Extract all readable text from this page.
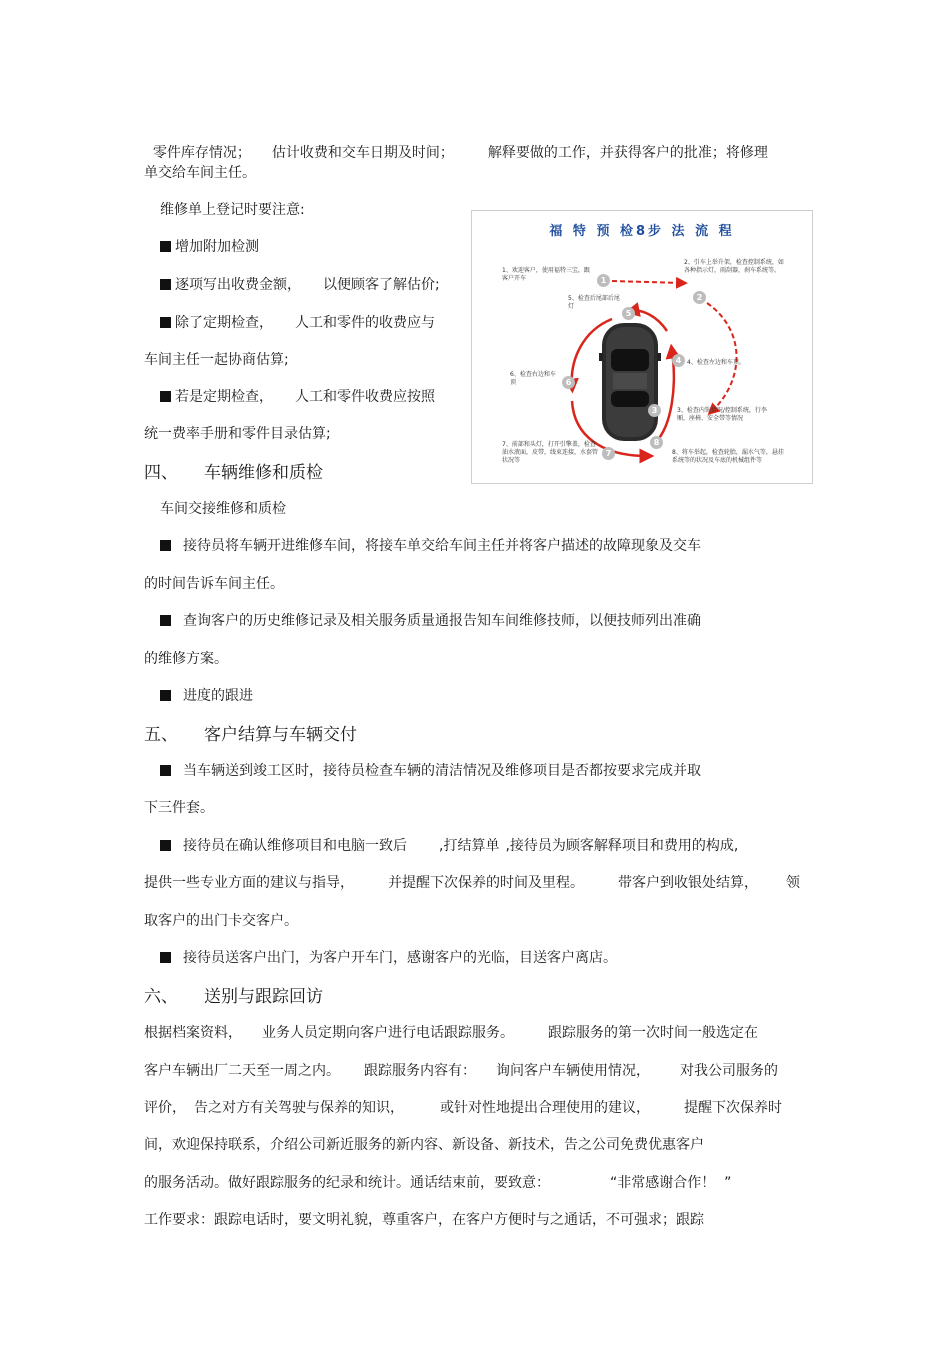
零件库存情况； 估计收费和交车日期及时间； 解释要做的工作，并获得客户的批准；将修理

单交给车间主任。
维修单上登记时要注意:
增加附加检测
逐项写出收费金额， 以便顾客了解估价;
除了定期检查， 人工和零件的收费应与
车间主任一起协商估算;
若是定期检查， 人工和零件收费应按照
统一费率手册和零件目录估算;
福 特 预 检8步 法 流 程
1
2
3
4
5
6
7
8
1、欢迎客户，使用福特三宝，跟客户开车
2、引车上举升架，检查控制系统，如各种指示灯，雨刮器，刹车系统等。
3、检查内饰情况/控制系统，行李厢，座椅、安全带等情况
4、检查左边和车顶。
5、检查后尾部后尾灯
6、检查右边和车顶
7、前部和头灯，打开引擎盖，检查油水液面，皮带，线束连接，水套管状况等
8、将车举起，检查轮胎，漏水气等，悬挂系统等的状况及车底的机械组件等
四、 车辆维修和质检
车间交接维修和质检
接待员将车辆开进维修车间，将接车单交给车间主任并将客户描述的故障现象及交车
的时间告诉车间主任。
查询客户的历史维修记录及相关服务质量通报告知车间维修技师，以便技师列出准确
的维修方案。
进度的跟进
五、 客户结算与车辆交付
当车辆送到竣工区时，接待员检查车辆的清洁情况及维修项目是否都按要求完成并取
下三件套。
接待员在确认维修项目和电脑一致后 ,打结算单 ,接待员为顾客解释项目和费用的构成,
提供一些专业方面的建议与指导， 并提醒下次保养的时间及里程。 带客户到收银处结算， 领
取客户的出门卡交客户。
接待员送客户出门，为客户开车门，感谢客户的光临，目送客户离店。
六、 送别与跟踪回访
根据档案资料， 业务人员定期向客户进行电话跟踪服务。 跟踪服务的第一次时间一般选定在
客户车辆出厂二天至一周之内。 跟踪服务内容有： 询问客户车辆使用情况， 对我公司服务的
评价， 告之对方有关驾驶与保养的知识，	或针对性地提出合理使用的建议， 提醒下次保养时
间，欢迎保持联系，介绍公司新近服务的新内容、新设备、新技术，告之公司免费优惠客户
的服务活动。做好跟踪服务的纪录和统计。通话结束前，要致意：	“非常感谢合作！  ”
工作要求：跟踪电话时，要文明礼貌，尊重客户，在客户方便时与之通话，不可强求；跟踪
